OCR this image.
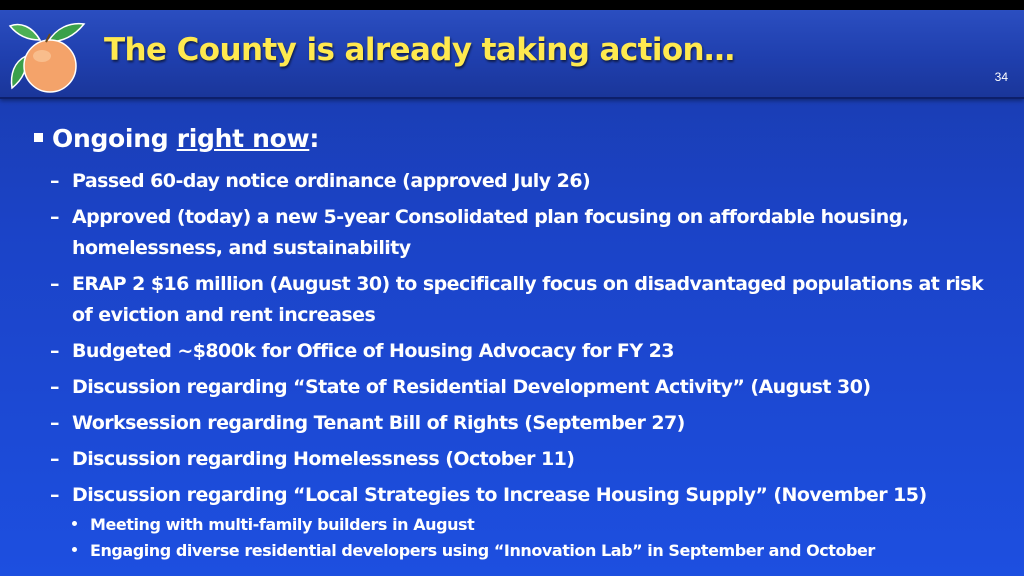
The County is already taking action…
34
Ongoing right now:
– Passed 60-day notice ordinance (approved July 26)
– Approved (today) a new 5-year Consolidated plan focusing on affordable housing, homelessness, and sustainability
– ERAP 2 $16 million (August 30) to specifically focus on disadvantaged populations at risk of eviction and rent increases
– Budgeted ~$800k for Office of Housing Advocacy for FY 23
– Discussion regarding “State of Residential Development Activity” (August 30)
– Worksession regarding Tenant Bill of Rights (September 27)
– Discussion regarding Homelessness (October 11)
– Discussion regarding “Local Strategies to Increase Housing Supply” (November 15)
Meeting with multi-family builders in August
Engaging diverse residential developers using “Innovation Lab” in September and October
